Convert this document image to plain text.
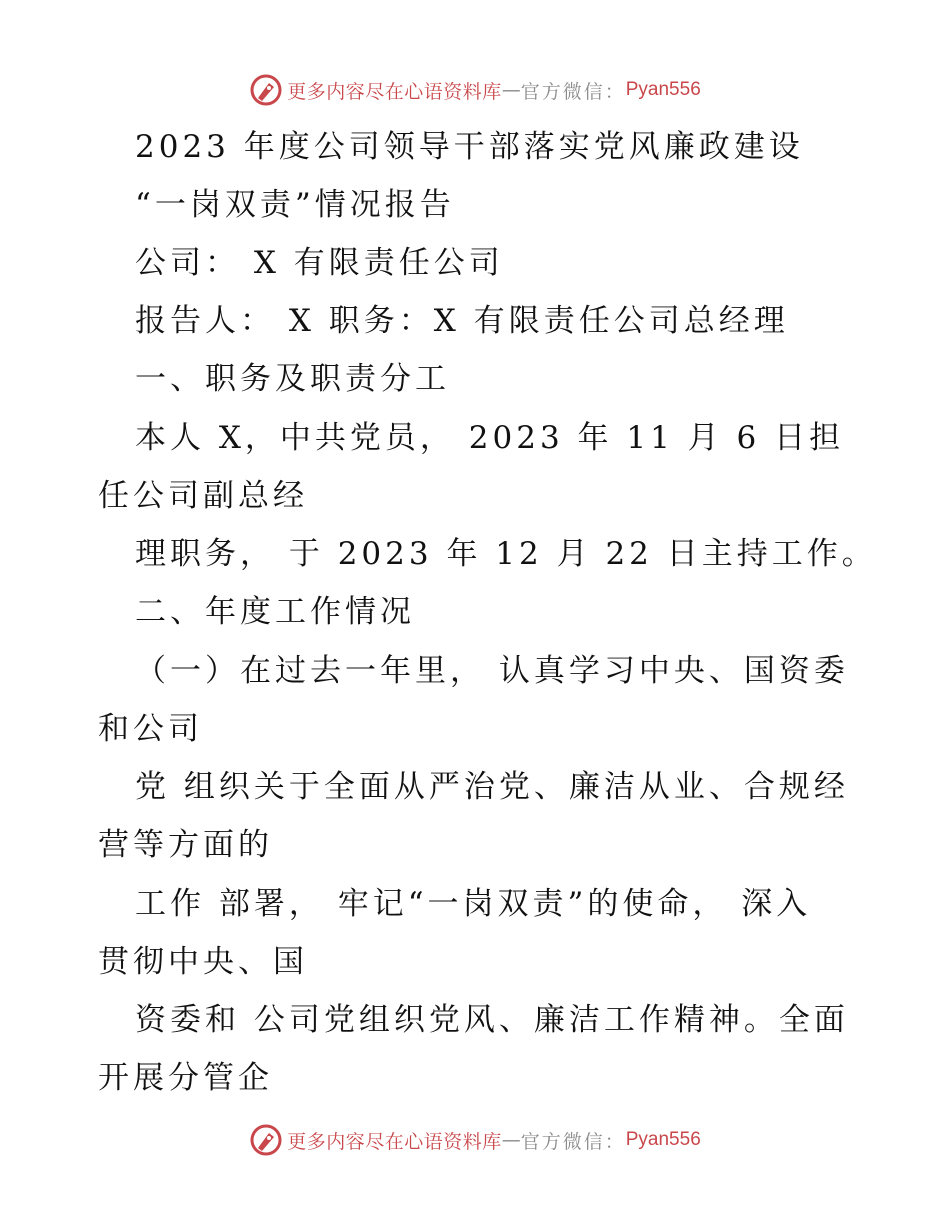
更多内容尽在心语资料库 — 官方微信： Pyan556
2023 年度公司领导干部落实党风廉政建设
“一岗双责”情况报告
公司： X 有限责任公司
报告人： X 职务：X 有限责任公司总经理
一、职务及职责分工
本人 X，中共党员， 2023 年 11 月 6 日担
任公司副总经
理职务， 于 2023 年 12 月 22 日主持工作。
二、年度工作情况
（一）在过去一年里， 认真学习中央、国资委
和公司
党 组织关于全面从严治党、廉洁从业、合规经
营等方面的
工作 部署， 牢记“一岗双责”的使命， 深入
贯彻中央、国
资委和 公司党组织党风、廉洁工作精神。全面
开展分管企
更多内容尽在心语资料库 — 官方微信： Pyan556
